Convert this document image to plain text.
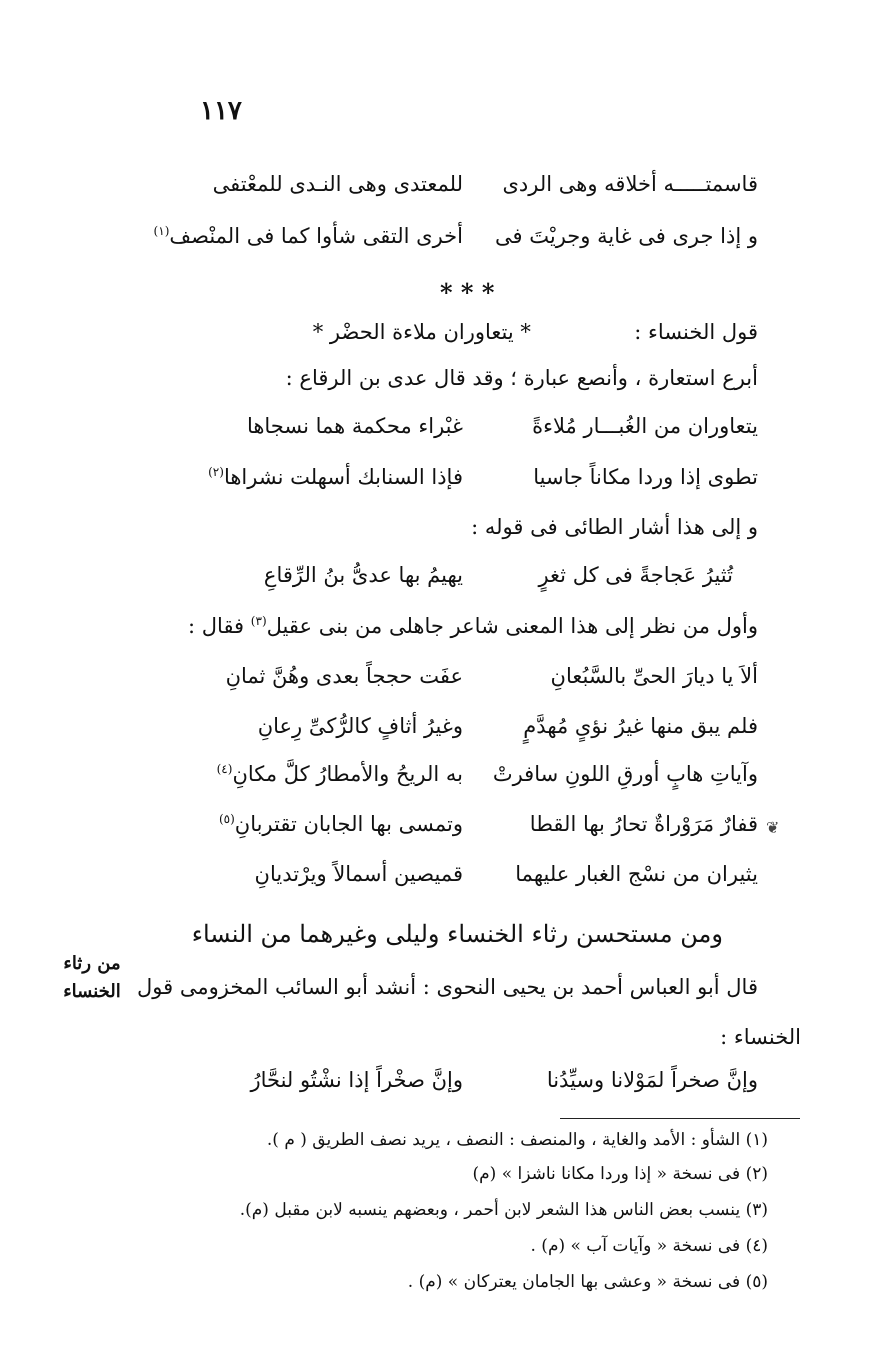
١١٧
قاسمتـــــه أخلاقه وهى الردى
للمعتدى وهى النـدى للمعْتفى
و إذا جرى فى غاية وجريْتَ فى
أخرى التقى شأوا كما فى المنْصف$^{(١)}$
* * *
قول الخنساء :  * يتعاوران ملاءة الحضْر *
أبرع استعارة ، وأنصع عبارة ؛ وقد قال عدى بن الرقاع :
يتعاوران من الغُبـــار مُلاءةً
غبْراء محكمة هما نسجاها
تطوى إذا وردا مكاناً جاسيا
فإذا السنابك أسهلت نشراها$^{(٢)}$
و إلى هذا أشار الطائى فى قوله :
تُثيرُ عَجاجةً فى كل ثغرٍ
يهيمُ بها عدىُّ بنُ الرِّقاعِ
وأول من نظر إلى هذا المعنى شاعر جاهلى من بنى عقيل$^{(٣)}$ فقال :
ألاَ يا ديارَ الحىِّ بالسَّبُعانِ
عفَت حججاً بعدى وهُنَّ ثمانِ
فلم يبق منها غيرُ نؤىٍ مُهدَّمٍ
وغيرُ أثافٍ كالرُّكىِّ رِعانِ
وآياتِ هابٍ أورقِ اللونِ سافرتْ
به الريحُ والأمطارُ كلَّ مكانِ$^{(٤)}$
قفارٌ مَرَوْراةٌ تحارُ بها القطا
وتمسى بها الجابان تقتربانِ$^{(٥)}$
يثيران من نسْج الغبار عليهما
قميصين أسمالاً ويرْتديانِ
❦
ومن مستحسن رثاء الخنساء وليلى وغيرهما من النساء
من رثاء
الخنساء قال أبو العباس أحمد بن يحيى النحوى : أنشد أبو السائب المخزومى قول
الخنساء :
وإنَّ صخراً لمَوْلانا وسيِّدُنا
وإنَّ صخْراً إذا نشْتُو لنحَّارُ
(١) الشأو : الأمد والغاية ، والمنصف : النصف ، يريد نصف الطريق ( م ).
(٢) فى نسخة « إذا وردا مكانا ناشزا » (م)
(٣) ينسب بعض الناس هذا الشعر لابن أحمر ، وبعضهم ينسبه لابن مقبل (م).
(٤) فى نسخة « وآيات آب » (م) .
(٥) فى نسخة « وعشى بها الجامان يعتركان » (م) .
